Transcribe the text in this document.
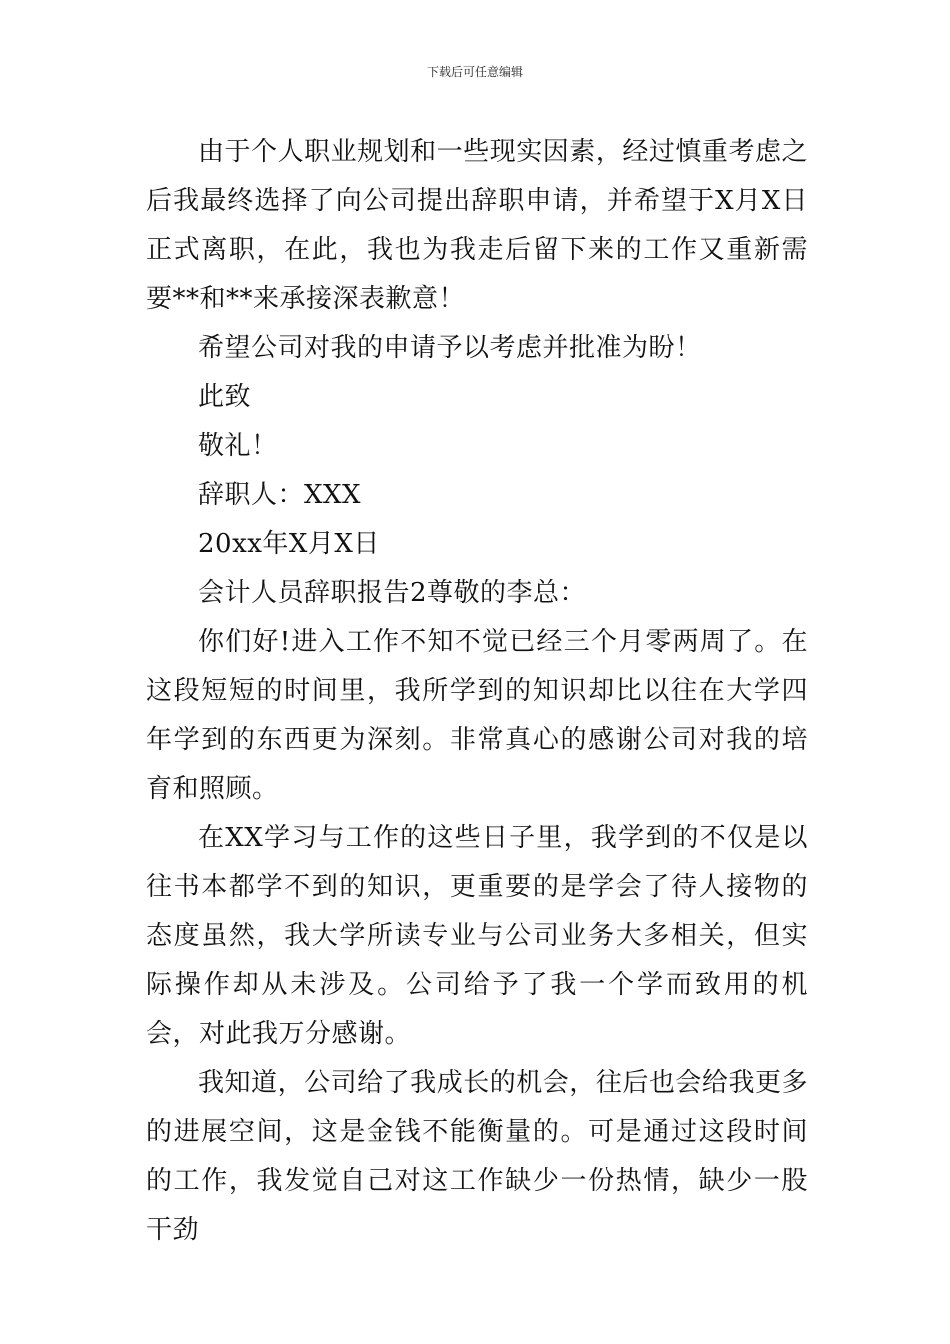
下载后可任意编辑

由于个人职业规划和一些现实因素，经过慎重考虑之后我最终选择了向公司提出辞职申请，并希望于X月X日正式离职，在此，我也为我走后留下来的工作又重新需要**和**来承接深表歉意！

希望公司对我的申请予以考虑并批准为盼！

此致

敬礼！

辞职人：XXX

20xx年X月X日

会计人员辞职报告2尊敬的李总：

你们好!进入工作不知不觉已经三个月零两周了。在这段短短的时间里，我所学到的知识却比以往在大学四年学到的东西更为深刻。非常真心的感谢公司对我的培育和照顾。

在XX学习与工作的这些日子里，我学到的不仅是以往书本都学不到的知识，更重要的是学会了待人接物的态度虽然，我大学所读专业与公司业务大多相关，但实际操作却从未涉及。公司给予了我一个学而致用的机会，对此我万分感谢。

我知道，公司给了我成长的机会，往后也会给我更多的进展空间，这是金钱不能衡量的。可是通过这段时间的工作，我发觉自己对这工作缺少一份热情，缺少一股干劲
